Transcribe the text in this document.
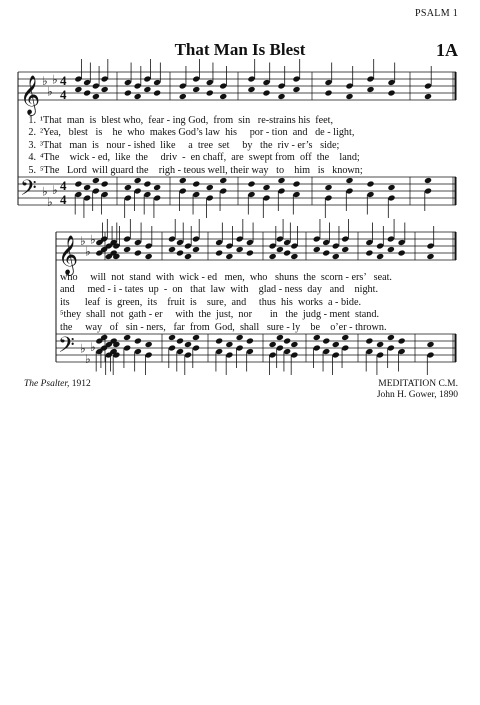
PSALM 1
That Man Is Blest	1A
𝄞
𝄢
♭
♭
♭
♭
♭
♭
𝄞
𝄢
♭
♭
♭
♭
♭
♭
4
4
4
4
1. ¹That  man  is  blest who,  fear - ing God,  from  sin   re-strains his  feet,
2. ²Yea,   blest   is    he  who  makes God’s law  his     por - tion  and   de - light,
3. ³That   man  is   nour - ished  like     a  tree  set     by   the  riv - er’s   side;
4. ⁴The    wick - ed,  like  the     driv  -  en chaff,  are  swept from  off  the    land;
5. ⁵The   Lord  will guard the    righ - teous well, their way   to    him   is   known;
who     will  not  stand  with  wick - ed   men,  who   shuns  the  scorn - ers’   seat.
and     med - i - tates  up  -  on   that  law  with    glad - ness  day   and    night.
its      leaf  is  green,  its    fruit  is    sure,  and     thus  his  works  a - bide.
⁵they  shall  not  gath - er     with  the  just,  nor       in   the  judg - ment  stand.
the     way   of   sin - ners,   far  from  God,  shall   sure - ly    be    o’er - thrown.
The Psalter, 1912	MEDITATION C.M.
John H. Gower, 1890
